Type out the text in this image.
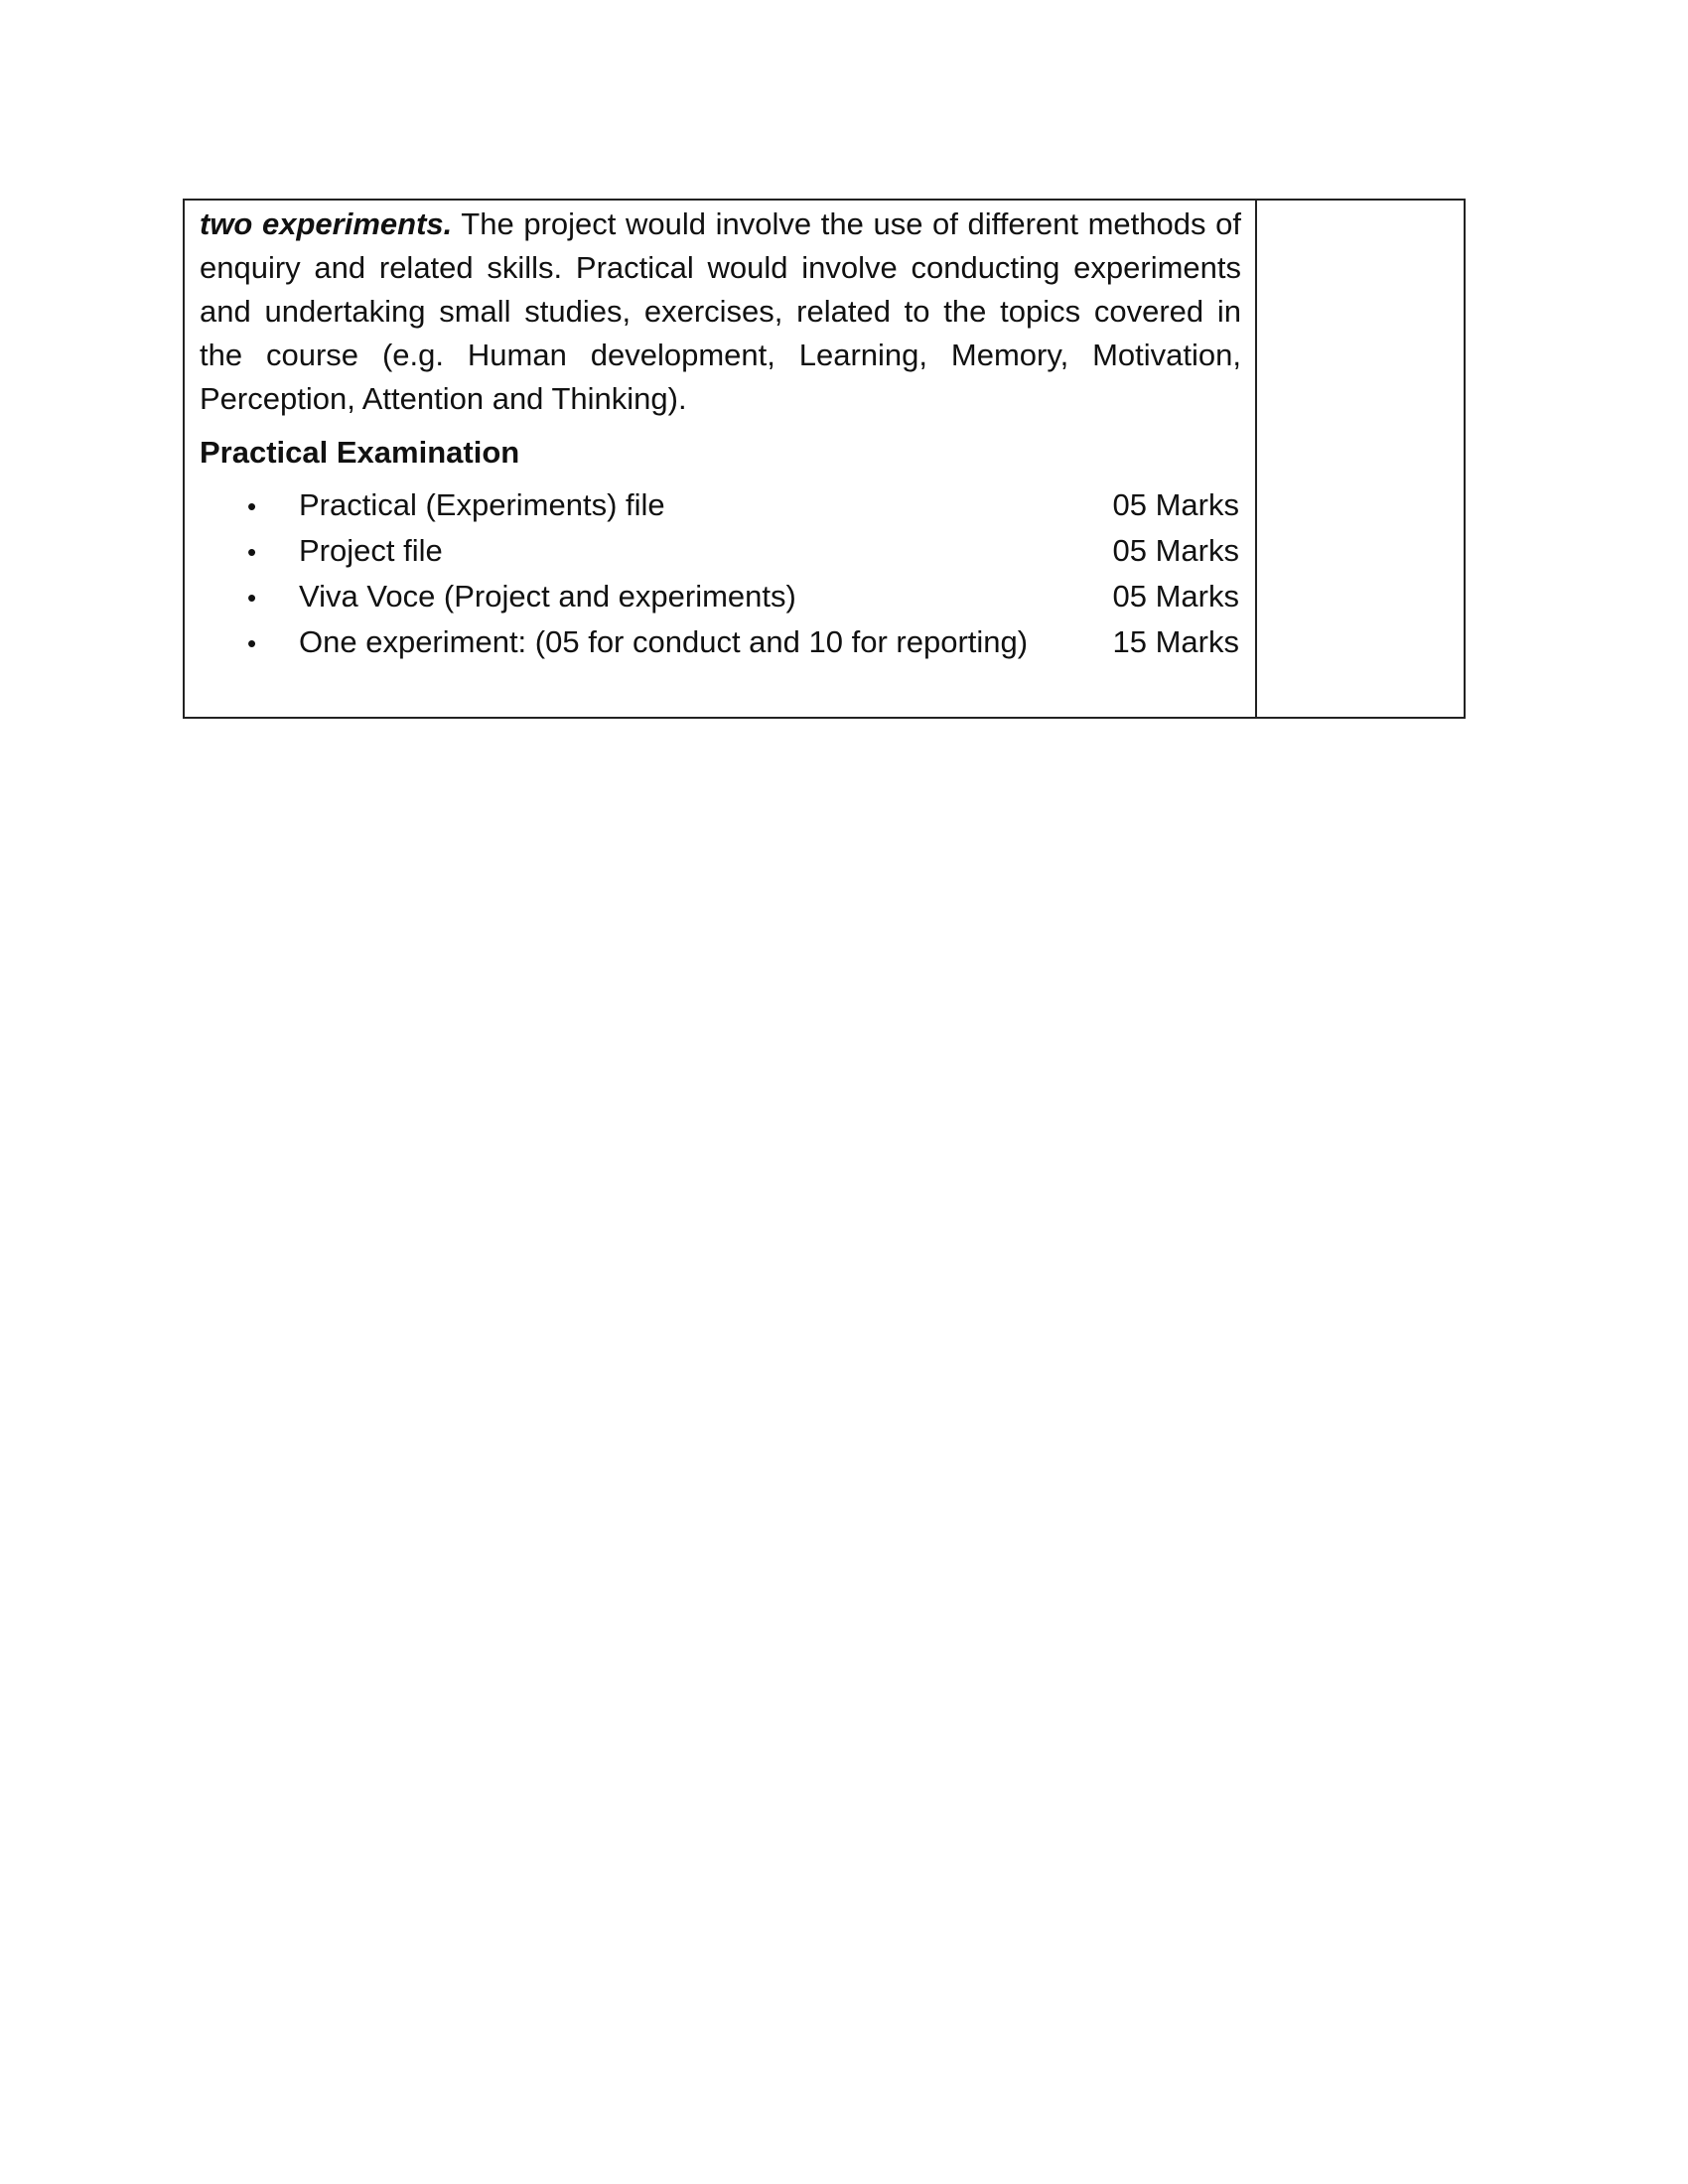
two experiments. The project would involve the use of different methods of enquiry and related skills. Practical would involve conducting experiments and undertaking small studies, exercises, related to the topics covered in the course (e.g. Human development, Learning, Memory, Motivation, Perception, Attention and Thinking).

Practical Examination
•	Practical (Experiments) file	05 Marks
•	Project file	05 Marks
•	Viva Voce (Project and experiments)	05 Marks
•	One experiment: (05 for conduct and 10 for reporting)	15 Marks
